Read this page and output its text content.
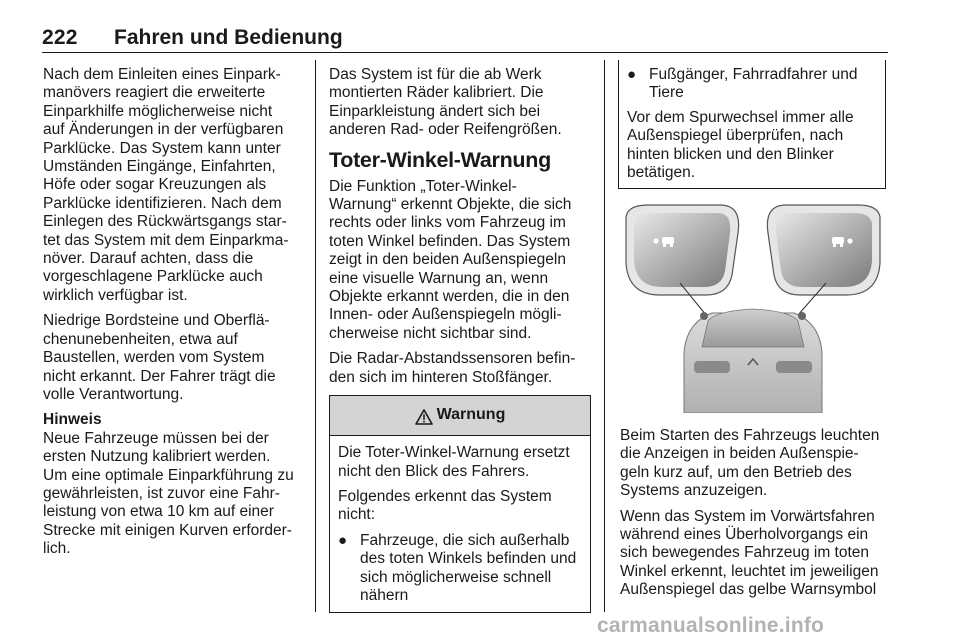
222 Fahren und Bedienung
Nach dem Einleiten eines Einpark-
manövers reagiert die erweiterte
Einparkhilfe möglicherweise nicht
auf Änderungen in der verfügbaren
Parklücke. Das System kann unter
Umständen Eingänge, Einfahrten,
Höfe oder sogar Kreuzungen als
Parklücke identifizieren. Nach dem
Einlegen des Rückwärtsgangs star-
tet das System mit dem Einparkma-
növer. Darauf achten, dass die
vorgeschlagene Parklücke auch
wirklich verfügbar ist.
Niedrige Bordsteine und Oberflä-
chenunebenheiten, etwa auf
Baustellen, werden vom System
nicht erkannt. Der Fahrer trägt die
volle Verantwortung.
Hinweis
Neue Fahrzeuge müssen bei der
ersten Nutzung kalibriert werden.
Um eine optimale Einparkführung zu
gewährleisten, ist zuvor eine Fahr-
leistung von etwa 10 km auf einer
Strecke mit einigen Kurven erforder-
lich.
Das System ist für die ab Werk
montierten Räder kalibriert. Die
Einparkleistung ändert sich bei
anderen Rad- oder Reifengrößen.
Toter-Winkel-Warnung
Die Funktion „Toter-Winkel-
Warnung“ erkennt Objekte, die sich
rechts oder links vom Fahrzeug im
toten Winkel befinden. Das System
zeigt in den beiden Außenspiegeln
eine visuelle Warnung an, wenn
Objekte erkannt werden, die in den
Innen- oder Außenspiegeln mögli-
cherweise nicht sichtbar sind.
Die Radar-Abstandssensoren befin-
den sich im hinteren Stoßfänger.
Warnung
Die Toter-Winkel-Warnung ersetzt
nicht den Blick des Fahrers.
Folgendes erkennt das System
nicht:
● Fahrzeuge, die sich außerhalb
des toten Winkels befinden und
sich möglicherweise schnell
nähern
● Fußgänger, Fahrradfahrer und
Tiere
Vor dem Spurwechsel immer alle
Außenspiegel überprüfen, nach
hinten blicken und den Blinker
betätigen.
Beim Starten des Fahrzeugs leuchten
die Anzeigen in beiden Außenspie-
geln kurz auf, um den Betrieb des
Systems anzuzeigen.
Wenn das System im Vorwärtsfahren
während eines Überholvorgangs ein
sich bewegendes Fahrzeug im toten
Winkel erkennt, leuchtet im jeweiligen
Außenspiegel das gelbe Warnsymbol
carmanualsonline.info
